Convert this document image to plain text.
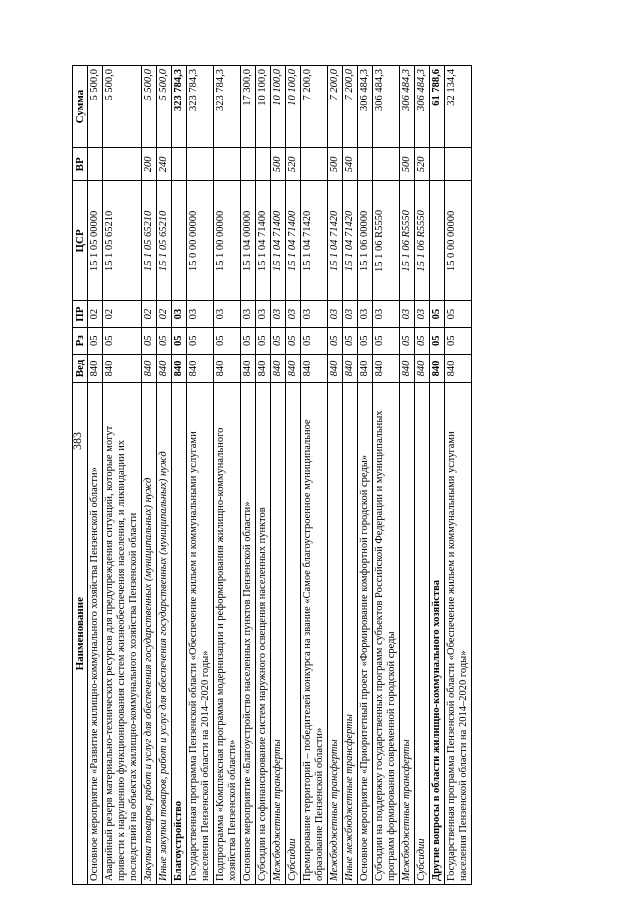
383
Наименование	Вед	Рз	ПР	ЦСР	ВР	Сумма
Основное мероприятие «Развитие жилищно-коммунального хозяйства Пензенской области»	840	05	02	15 1 05 00000		5 500,0
Аварийный резерв материально-технических ресурсов для предупреждения ситуаций, которые могут привести к нарушению функционирования систем жизнеобеспечения населения, и ликвидации их последствий на объектах жилищно-коммунального хозяйства Пензенской области	840	05	02	15 1 05 65210		5 500,0
Закупка товаров, работ и услуг для обеспечения государственных (муниципальных) нужд	840	05	02	15 1 05 65210	200	5 500,0
Иные закупки товаров, работ и услуг для обеспечения государственных (муниципальных) нужд	840	05	02	15 1 05 65210	240	5 500,0
Благоустройство	840	05	03			323 784,3
Государственная программа Пензенской области «Обеспечение жильем и коммунальными услугами населения Пензенской области на 2014–2020 годы»	840	05	03	15 0 00 00000		323 784,3
Подпрограмма «Комплексная программа модернизации и реформирования жилищно-коммунального хозяйства Пензенской области»	840	05	03	15 1 00 00000		323 784,3
Основное мероприятие «Благоустройство населенных пунктов Пензенской области»	840	05	03	15 1 04 00000		17 300,0
Субсидии на софинансирование систем наружного освещения населенных пунктов	840	05	03	15 1 04 71400		10 100,0
Межбюджетные трансферты	840	05	03	15 1 04 71400	500	10 100,0
Субсидии	840	05	03	15 1 04 71400	520	10 100,0
Премирование территорий – победителей конкурса на звание «Самое благоустроенное муниципальное образование Пензенской области»	840	05	03	15 1 04 71420		7 200,0
Межбюджетные трансферты	840	05	03	15 1 04 71420	500	7 200,0
Иные межбюджетные трансферты	840	05	03	15 1 04 71420	540	7 200,0
Основное мероприятие «Приоритетный проект «Формирование комфортной городской среды»	840	05	03	15 1 06 00000		306 484,3
Субсидии на поддержку государственных программ субъектов Российской Федерации и муниципальных программ формирования современной городской среды	840	05	03	15 1 06 R5550		306 484,3
Межбюджетные трансферты	840	05	03	15 1 06 R5550	500	306 484,3
Субсидии	840	05	03	15 1 06 R5550	520	306 484,3
Другие вопросы в области жилищно-коммунального хозяйства	840	05	05			61 788,6
Государственная программа Пензенской области «Обеспечение жильем и коммунальными услугами населения Пензенской области на 2014–2020 годы»	840	05	05	15 0 00 00000		32 134,4
